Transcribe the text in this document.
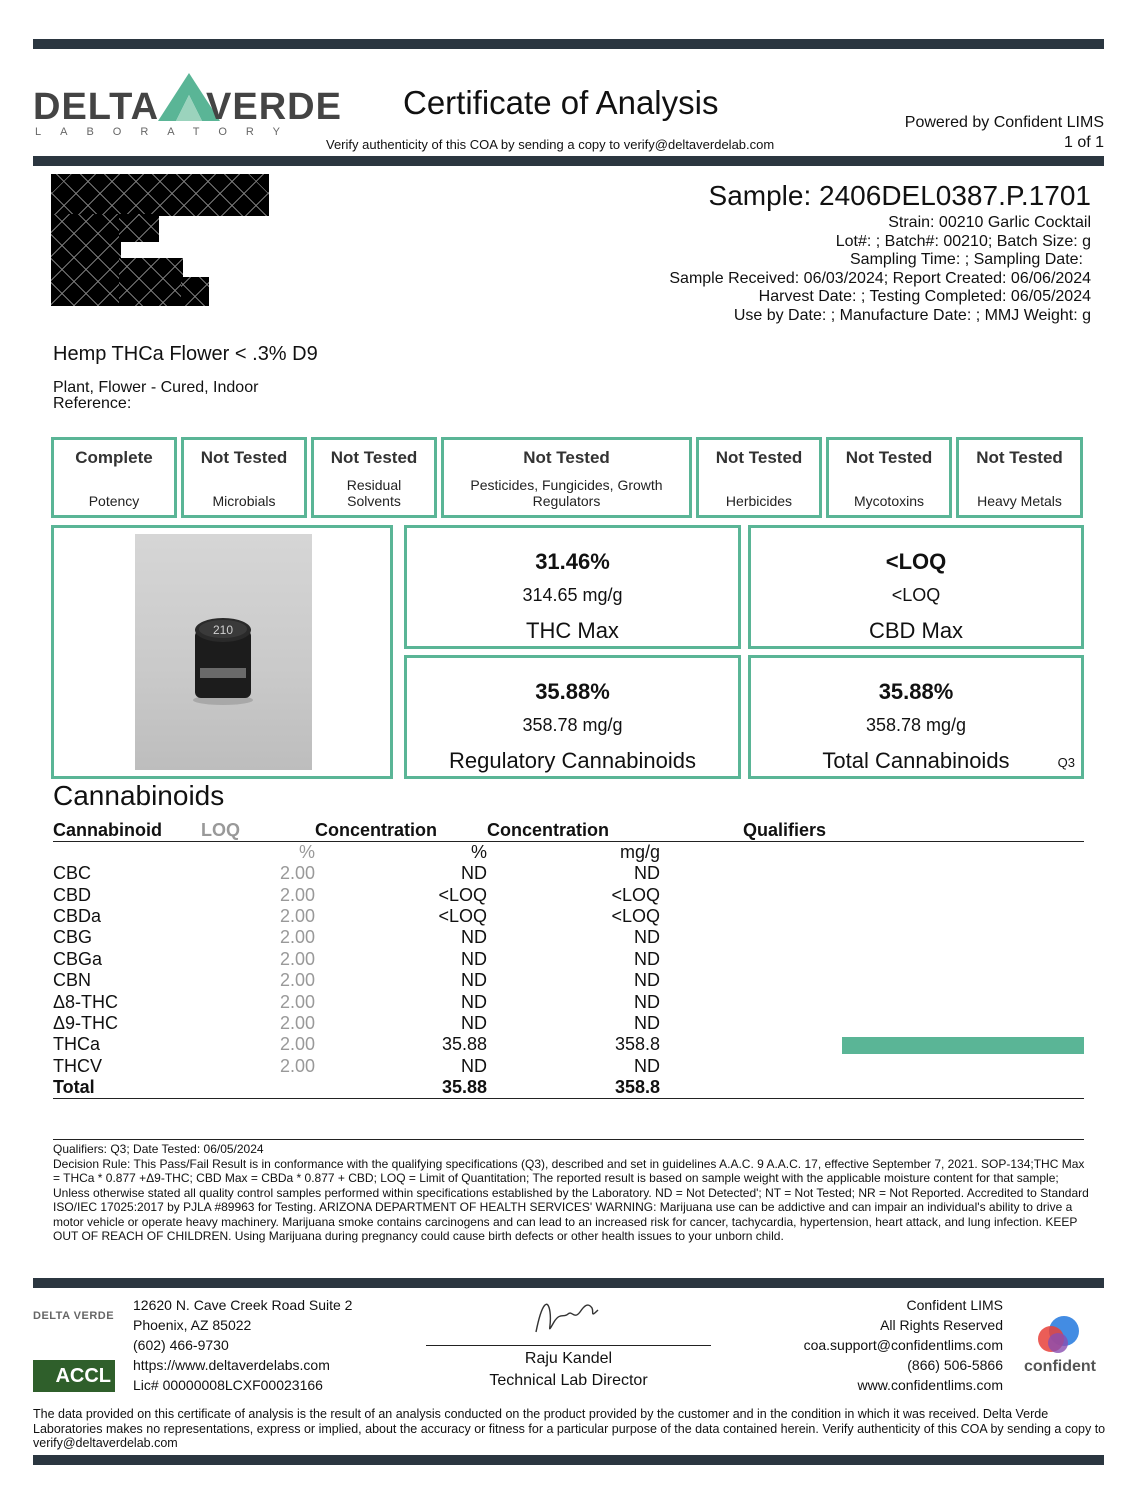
DELTA VERDE
LABORATORY
Certificate of Analysis
Verify authenticity of this COA by sending a copy to verify@deltaverdelab.com
Powered by Confident LIMS
1 of 1
Sample: 2406DEL0387.P.1701
Strain: 00210 Garlic Cocktail
Lot#: ; Batch#: 00210; Batch Size: g
Sampling Time: ; Sampling Date:
Sample Received: 06/03/2024; Report Created: 06/06/2024
Harvest Date: ; Testing Completed: 06/05/2024
Use by Date: ; Manufacture Date: ; MMJ Weight: g
Hemp THCa Flower < .3% D9
Plant, Flower - Cured, Indoor
Reference:
Complete
Potency
Not Tested
Microbials
Not Tested
Residual Solvents
Not Tested
Pesticides, Fungicides, Growth Regulators
Not Tested
Herbicides
Not Tested
Mycotoxins
Not Tested
Heavy Metals
210
31.46%
314.65 mg/g
THC Max
<LOQ
<LOQ
CBD Max
35.88%
358.78 mg/g
Regulatory Cannabinoids
35.88%
358.78 mg/g
Total Cannabinoids	Q3
Cannabinoids
Cannabinoid	LOQ	Concentration	Concentration	Qualifiers
	%	%	mg/g	
CBC	2.00	ND	ND	
CBD	2.00	<LOQ	<LOQ	
CBDa	2.00	<LOQ	<LOQ	
CBG	2.00	ND	ND	
CBGa	2.00	ND	ND	
CBN	2.00	ND	ND	
Δ8-THC	2.00	ND	ND	
Δ9-THC	2.00	ND	ND	
THCa	2.00	35.88	358.8	

THCV	2.00	ND	ND	
Total		35.88	358.8	
Qualifiers: Q3; Date Tested: 06/05/2024
Decision Rule: This Pass/Fail Result is in conformance with the qualifying specifications (Q3), described and set in guidelines A.A.C. 9 A.A.C. 17, effective September 7, 2021. SOP-134;THC Max = THCa * 0.877 +Δ9-THC; CBD Max = CBDa * 0.877 + CBD; LOQ = Limit of Quantitation; The reported result is based on sample weight with the applicable moisture content for that sample; Unless otherwise stated all quality control samples performed within specifications established by the Laboratory. ND = Not Detected'; NT = Not Tested; NR = Not Reported. Accredited to Standard ISO/IEC 17025:2017 by PJLA #89963 for Testing. ARIZONA DEPARTMENT OF HEALTH SERVICES' WARNING: Marijuana use can be addictive and can impair an individual's ability to drive a motor vehicle or operate heavy machinery. Marijuana smoke contains carcinogens and can lead to an increased risk for cancer, tachycardia, hypertension, heart attack, and lung infection. KEEP OUT OF REACH OF CHILDREN. Using Marijuana during pregnancy could cause birth defects or other health issues to your unborn child.
DELTA VERDE
ACCL
12620 N. Cave Creek Road Suite 2
Phoenix, AZ 85022
(602) 466-9730
https://www.deltaverdelabs.com
Lic# 00000008LCXF00023166
Raju Kandel
Raju Kandel
Technical Lab Director
Confident LIMS
All Rights Reserved
coa.support@confidentlims.com
(866) 506-5866
www.confidentlims.com
confident
The data provided on this certificate of analysis is the result of an analysis conducted on the product provided by the customer and in the condition in which it was received. Delta Verde Laboratories makes no representations, express or implied, about the accuracy or fitness for a particular purpose of the data contained herein. Verify authenticity of this COA by sending a copy to verify@deltaverdelab.com
